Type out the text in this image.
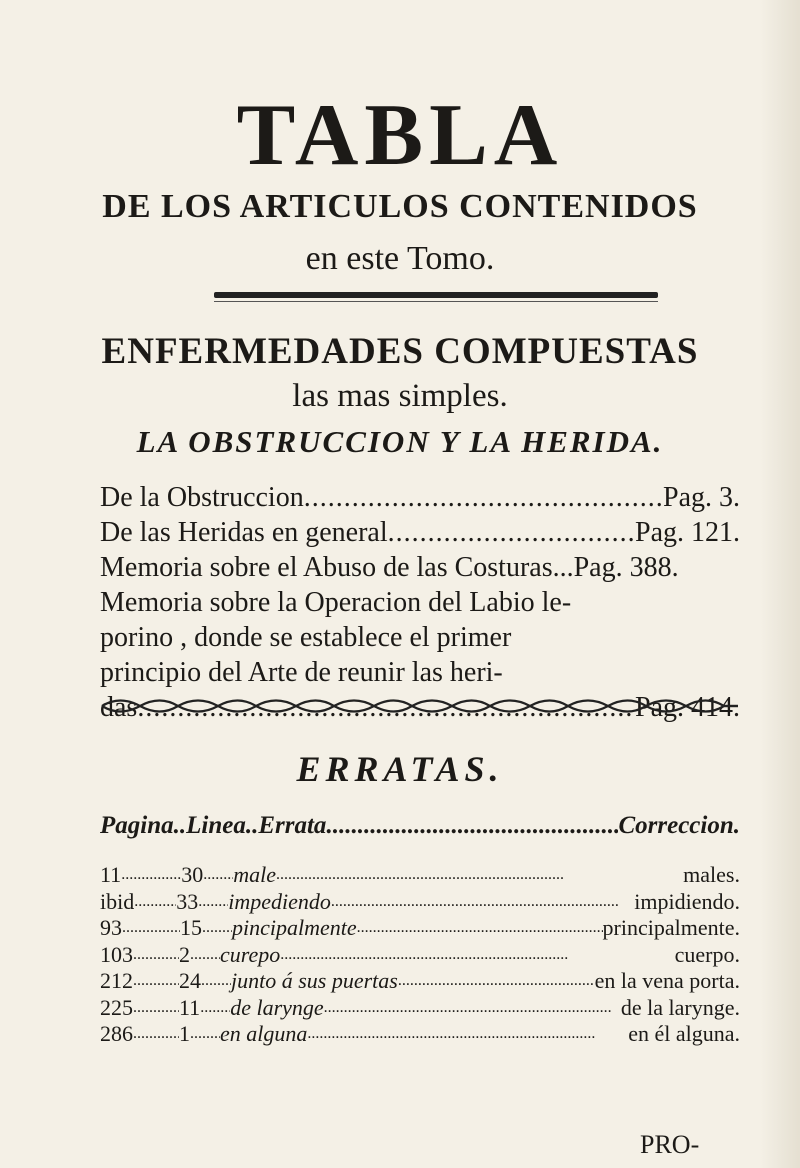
TABLA
DE LOS ARTICULOS CONTENIDOS
en este Tomo.
ENFERMEDADES COMPUESTAS
las mas simples.
LA OBSTRUCCION Y LA HERIDA.
De la Obstruccion .....	Pag. 3.
De las Heridas en general .....	Pag. 121.
Memoria sobre el Abuso de las Costuras... Pag. 388.
Memoria sobre la Operacion del Labio le-
porino , donde se establece el primer
principio del Arte de reunir las heri-
das .....	Pag. 414.
ERRATAS.
Pagina.. Linea.. Errata .....	Correccion.
11 .....	30 ..... male .....	males.
ibid ..... 33 ..... impediendo .....	impidiendo.
93 .....	15 ..... pincipalmente .....	principalmente.
103 ..... 2 ..... curepo .....	cuerpo.
212 ..... 24 ..... junto á sus puertas .....	en la vena porta.
225 ..... 11 ..... de larynge .....	de la larynge.
286 ..... 1 ..... en alguna .....	en él alguna.
PRO-
